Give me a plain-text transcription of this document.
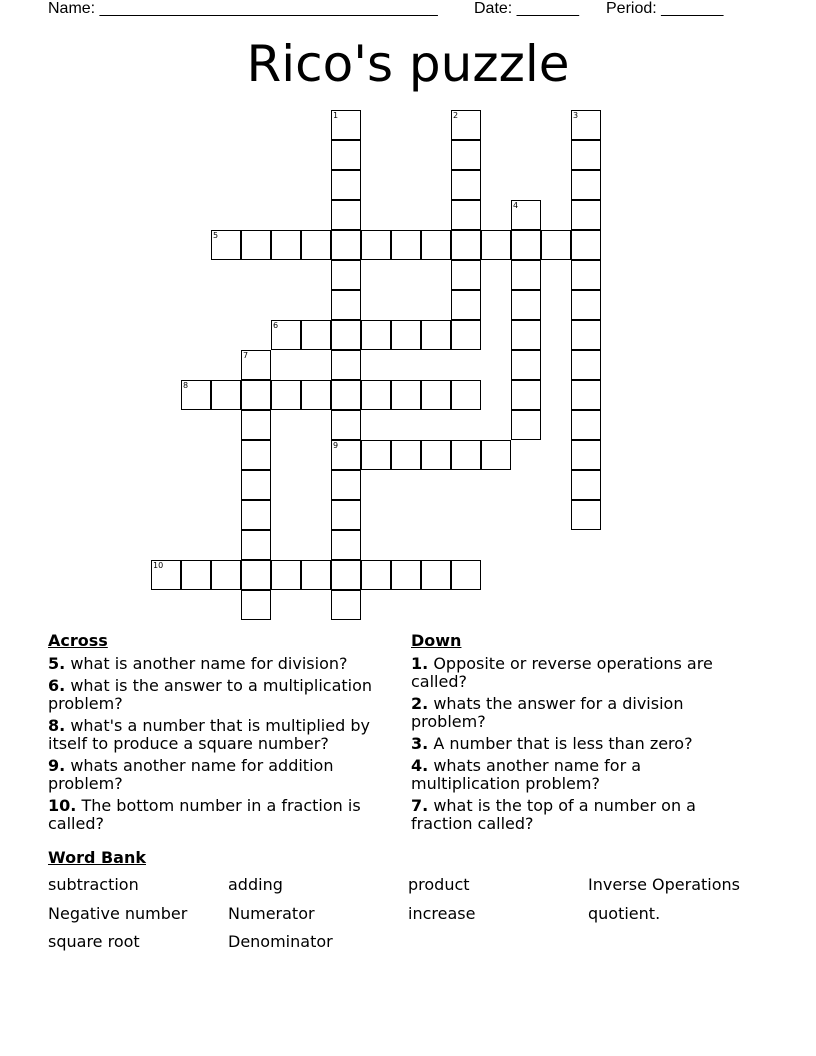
Name: ______________________________________ Date: _______ Period: _______
Rico's puzzle
5
6
8
9
10
1	2	3
4
7
Across
5. what is another name for division?
6. what is the answer to a multiplication problem?
8. what's a number that is multiplied by itself to produce a square number?
9. whats another name for addition problem?
10. The bottom number in a fraction is called?
Down
1. Opposite or reverse operations are called?
2. whats the answer for a division problem?
3. A number that is less than zero?
4. whats another name for a multiplication problem?
7. what is the top of a number on a fraction called?
Word Bank
subtraction	adding	product	Inverse Operations
Negative number	Numerator	increase	quotient.
square root	Denominator
